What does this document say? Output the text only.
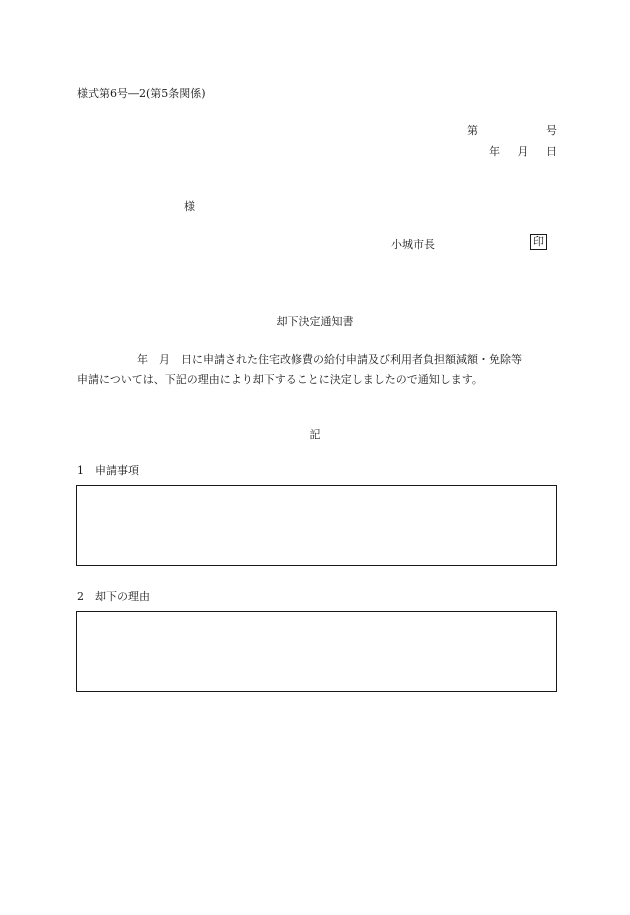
様式第6号―2(第5条関係)
第	号
年 月 日
様
小城市長	印
却下決定通知書
年　月　日に申請された住宅改修費の給付申請及び利用者負担額減額・免除等
申請については、下記の理由により却下することに決定しましたので通知します。
記
1　申請事項
2　却下の理由
